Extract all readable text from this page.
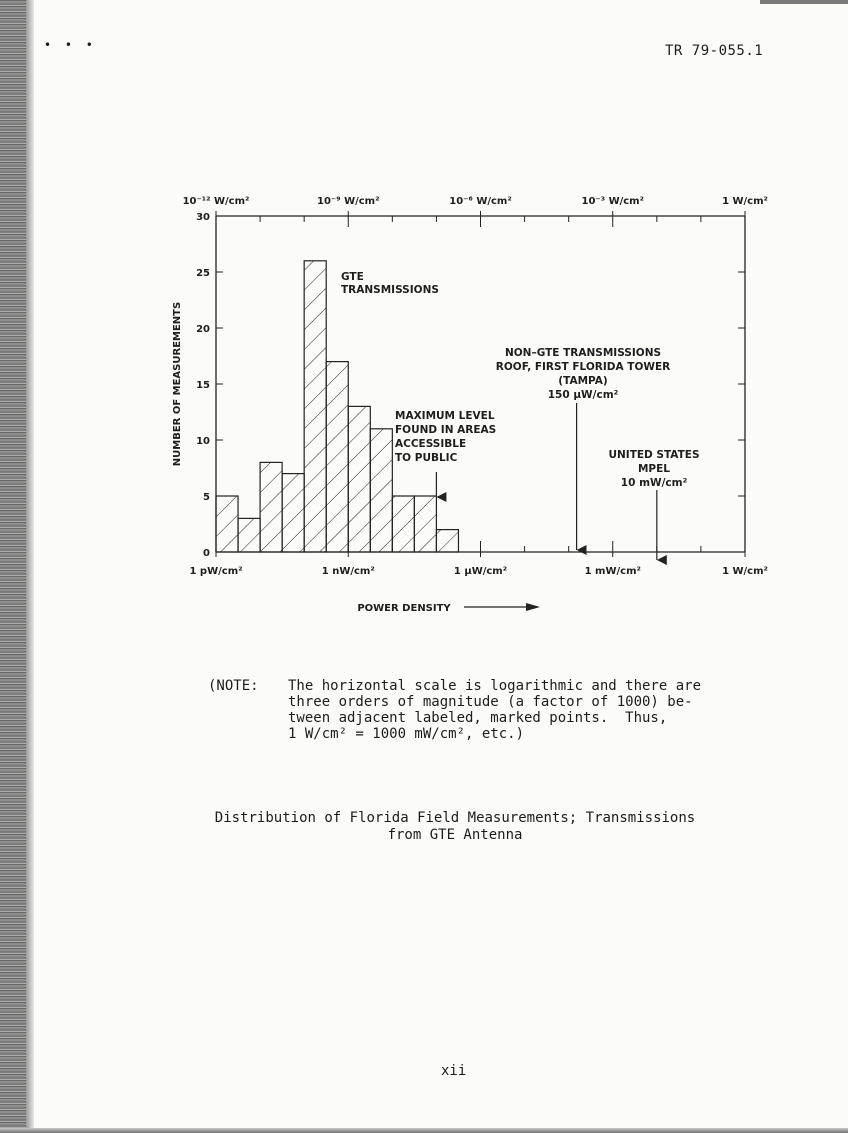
• • •	TR 79-055.1
0
5
10
15
20
25
30
1 pW/cm²	1 nW/cm²	1 μW/cm²	1 mW/cm²	1 W/cm²
10⁻¹² W/cm²	10⁻⁹ W/cm²	10⁻⁶ W/cm²	10⁻³ W/cm²	1 W/cm²
NUMBER OF MEASUREMENTS
POWER DENSITY
GTE
TRANSMISSIONS
MAXIMUM LEVEL
FOUND IN AREAS
ACCESSIBLE
TO PUBLIC
NON–GTE TRANSMISSIONS
ROOF, FIRST FLORIDA TOWER
(TAMPA)
150 μW/cm²
UNITED STATES
MPEL
10 mW/cm²
(NOTE: The horizontal scale is logarithmic and there are
three orders of magnitude (a factor of 1000) be-
tween adjacent labeled, marked points.  Thus,
1 W/cm² = 1000 mW/cm², etc.)
Distribution of Florida Field Measurements; Transmissions
from GTE Antenna
xii
